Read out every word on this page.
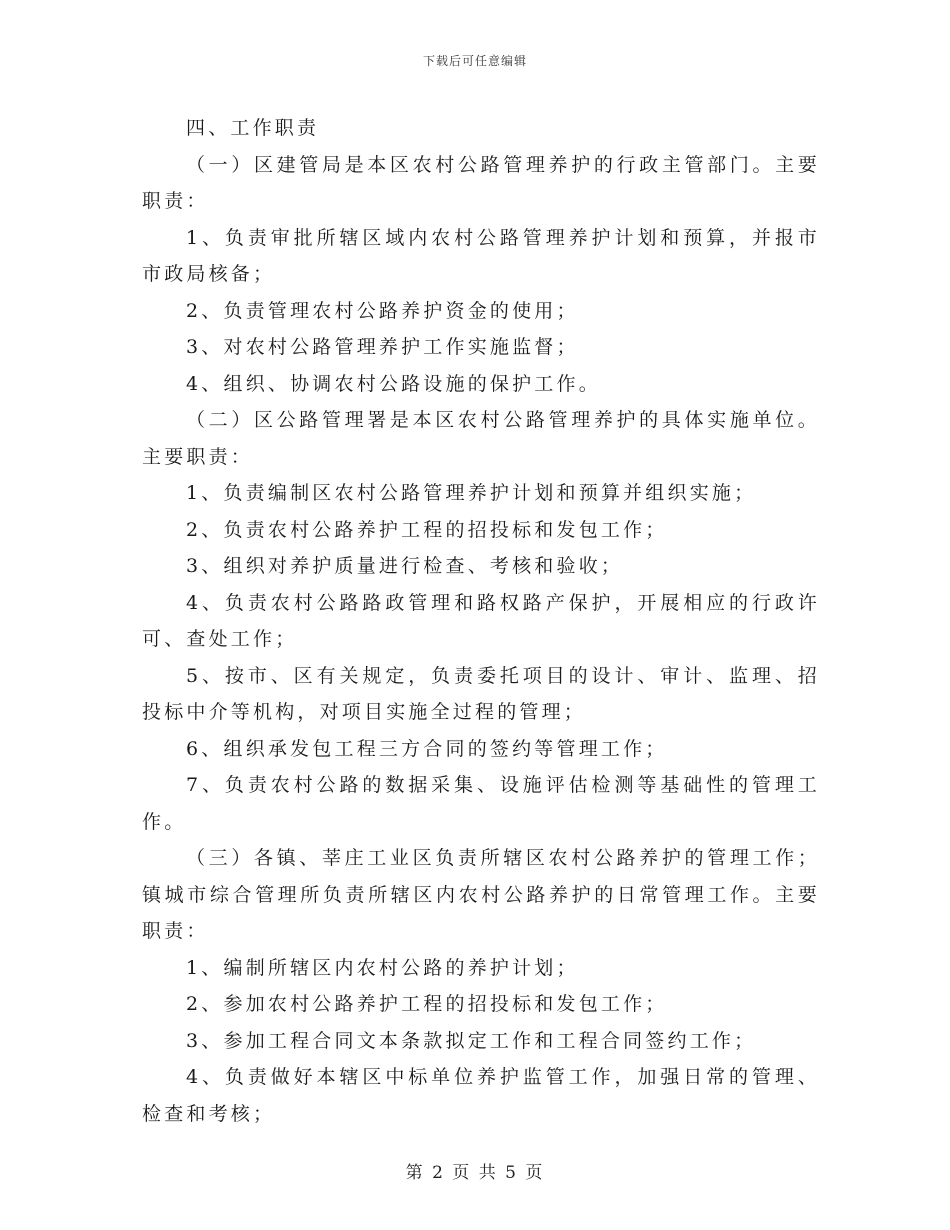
下载后可任意编辑

四、工作职责

（一）区建管局是本区农村公路管理养护的行政主管部门。主要职责：

1、负责审批所辖区域内农村公路管理养护计划和预算，并报市市政局核备；

2、负责管理农村公路养护资金的使用；

3、对农村公路管理养护工作实施监督；

4、组织、协调农村公路设施的保护工作。

（二）区公路管理署是本区农村公路管理养护的具体实施单位。主要职责：

1、负责编制区农村公路管理养护计划和预算并组织实施；

2、负责农村公路养护工程的招投标和发包工作；

3、组织对养护质量进行检查、考核和验收；

4、负责农村公路路政管理和路权路产保护，开展相应的行政许可、查处工作；

5、按市、区有关规定，负责委托项目的设计、审计、监理、招投标中介等机构，对项目实施全过程的管理；

6、组织承发包工程三方合同的签约等管理工作；

7、负责农村公路的数据采集、设施评估检测等基础性的管理工作。

（三）各镇、莘庄工业区负责所辖区农村公路养护的管理工作；镇城市综合管理所负责所辖区内农村公路养护的日常管理工作。主要职责：

1、编制所辖区内农村公路的养护计划；

2、参加农村公路养护工程的招投标和发包工作；

3、参加工程合同文本条款拟定工作和工程合同签约工作；

4、负责做好本辖区中标单位养护监管工作，加强日常的管理、检查和考核；

第 2 页 共 5 页
